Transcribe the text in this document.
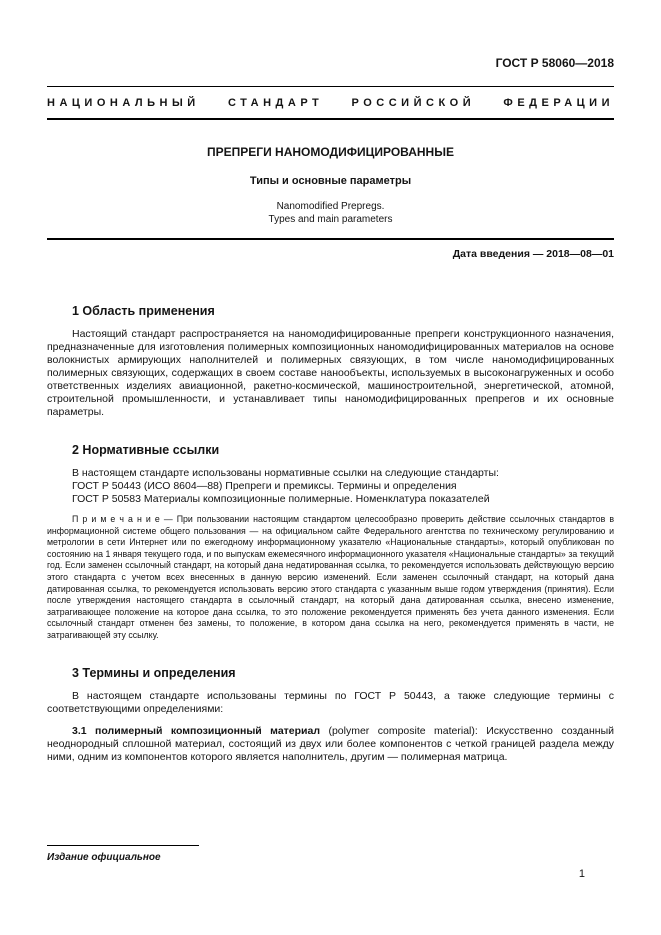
ГОСТ Р 58060—2018
НАЦИОНАЛЬНЫЙ СТАНДАРТ РОССИЙСКОЙ ФЕДЕРАЦИИ
ПРЕПРЕГИ НАНОМОДИФИЦИРОВАННЫЕ
Типы и основные параметры
Nanomodified Prepregs.
Types and main parameters
Дата введения — 2018—08—01
1 Область применения

Настоящий стандарт распространяется на наномодифицированные препреги конструкционного назначения, предназначенные для изготовления полимерных композиционных наномодифицированных материалов на основе волокнистых армирующих наполнителей и полимерных связующих, в том числе наномодифицированных полимерных связующих, содержащих в своем составе нанообъекты, используемых в высоконагруженных и особо ответственных изделиях авиационной, ракетно-космической, машиностроительной, энергетической, атомной, строительной промышленности, и устанавливает типы наномодифицированных препрегов и их основные параметры.

2 Нормативные ссылки

В настоящем стандарте использованы нормативные ссылки на следующие стандарты:

ГОСТ Р 50443 (ИСО 8604—88) Препреги и премиксы. Термины и определения

ГОСТ Р 50583 Материалы композиционные полимерные. Номенклатура показателей

П р и м е ч а н и е — При пользовании настоящим стандартом целесообразно проверить действие ссылочных стандартов в информационной системе общего пользования — на официальном сайте Федерального агентства по техническому регулированию и метрологии в сети Интернет или по ежегодному информационному указателю «Национальные стандарты», который опубликован по состоянию на 1 января текущего года, и по выпускам ежемесячного информационного указателя «Национальные стандарты» за текущий год. Если заменен ссылочный стандарт, на который дана недатированная ссылка, то рекомендуется использовать действующую версию этого стандарта с учетом всех внесенных в данную версию изменений. Если заменен ссылочный стандарт, на который дана датированная ссылка, то рекомендуется использовать версию этого стандарта с указанным выше годом утверждения (принятия). Если после утверждения настоящего стандарта в ссылочный стандарт, на который дана датированная ссылка, внесено изменение, затрагивающее положение на которое дана ссылка, то это положение рекомендуется применять без учета данного изменения. Если ссылочный стандарт отменен без замены, то положение, в котором дана ссылка на него, рекомендуется применять в части, не затрагивающей эту ссылку.

3 Термины и определения

В настоящем стандарте использованы термины по ГОСТ Р 50443, а также следующие термины с соответствующими определениями:

3.1 полимерный композиционный материал (polymer composite material): Искусственно созданный неоднородный сплошной материал, состоящий из двух или более компонентов с четкой границей раздела между ними, одним из компонентов которого является наполнитель, другим — полимерная матрица.

Издание официальное
1
